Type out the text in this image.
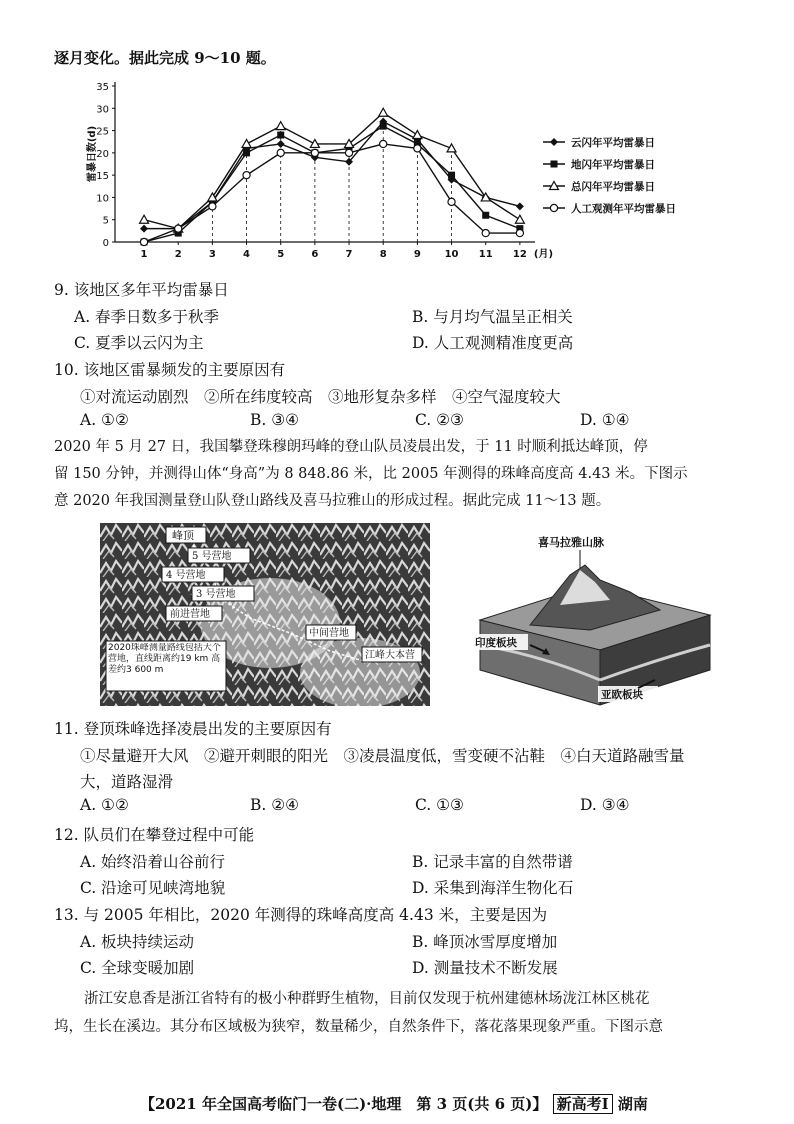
逐月变化。据此完成 9～10 题。
0
5
10
15
20
25
30
35
雷暴日数(d)
1	2	3	4	5	6	7	8	9 10 11 12 (月)
云闪年平均雷暴日
地闪年平均雷暴日
总闪年平均雷暴日
人工观测年平均雷暴日
9. 该地区多年平均雷暴日
A. 春季日数多于秋季	B. 与月均气温呈正相关
C. 夏季以云闪为主	D. 人工观测精准度更高
10. 该地区雷暴频发的主要原因有
①对流运动剧烈　②所在纬度较高　③地形复杂多样　④空气湿度较大
A. ①②	B. ③④	C. ②③	D. ①④
2020 年 5 月 27 日，我国攀登珠穆朗玛峰的登山队员凌晨出发，于 11 时顺利抵达峰顶，停
留 150 分钟，并测得山体“身高”为 8 848.86 米，比 2005 年测得的珠峰高度高 4.43 米。下图示
意 2020 年我国测量登山队登山路线及喜马拉雅山的形成过程。据此完成 11～13 题。
峰顶
5 号营地
4 号营地
3 号营地
前进营地
中间营地
江峰大本营
2020珠峰测量路线包括大个营地，直线距离约19 km 高差约3 600 m
喜马拉雅山脉
印度板块
亚欧板块
11. 登顶珠峰选择凌晨出发的主要原因有
①尽量避开大风　②避开刺眼的阳光　③凌晨温度低，雪变硬不沾鞋　④白天道路融雪量
大，道路湿滑
A. ①②	B. ②④	C. ①③	D. ③④
12. 队员们在攀登过程中可能
A. 始终沿着山谷前行	B. 记录丰富的自然带谱
C. 沿途可见峡湾地貌	D. 采集到海洋生物化石
13. 与 2005 年相比，2020 年测得的珠峰高度高 4.43 米，主要是因为
A. 板块持续运动	B. 峰顶冰雪厚度增加
C. 全球变暖加剧	D. 测量技术不断发展
浙江安息香是浙江省特有的极小种群野生植物，目前仅发现于杭州建德林场泷江林区桃花
坞，生长在溪边。其分布区域极为狭窄，数量稀少，自然条件下，落花落果现象严重。下图示意
【2021 年全国高考临门一卷(二)·地理　第 3 页(共 6 页)】 新高考Ⅰ 湖南
